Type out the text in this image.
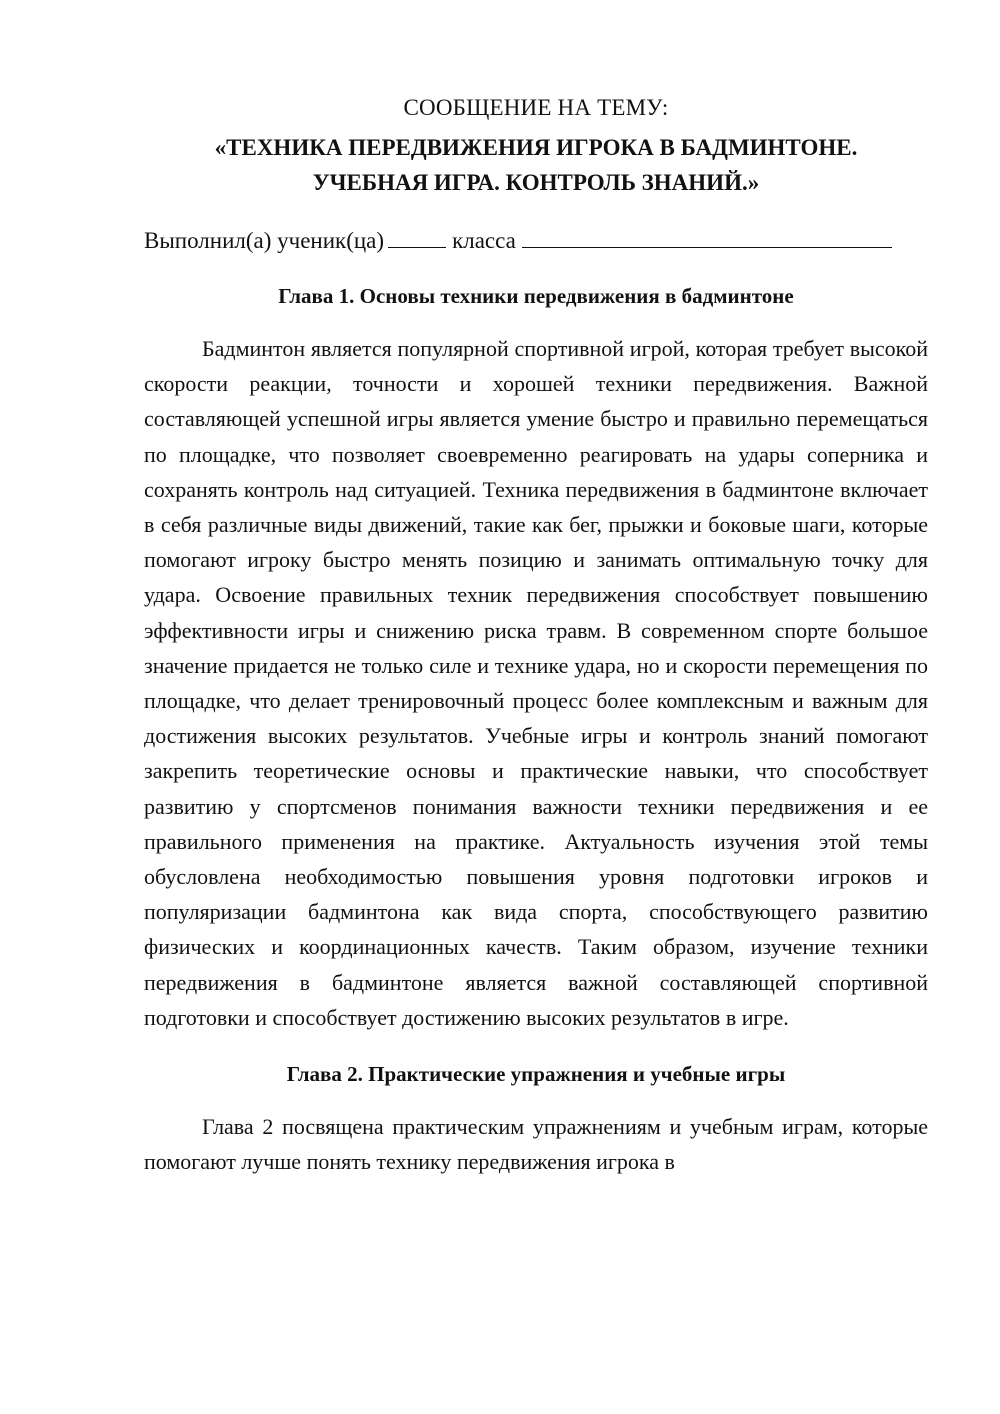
СООБЩЕНИЕ НА ТЕМУ:
«ТЕХНИКА ПЕРЕДВИЖЕНИЯ ИГРОКА В БАДМИНТОНЕ.
УЧЕБНАЯ ИГРА. КОНТРОЛЬ ЗНАНИЙ.»

Выполнил(а) ученик(ца)	класса

Глава 1. Основы техники передвижения в бадминтоне

Бадминтон является популярной спортивной игрой, которая требует высокой скорости реакции, точности и хорошей техники передвижения. Важной составляющей успешной игры является умение быстро и правильно перемещаться по площадке, что позволяет своевременно реагировать на удары соперника и сохранять контроль над ситуацией. Техника передвижения в бадминтоне включает в себя различные виды движений, такие как бег, прыжки и боковые шаги, которые помогают игроку быстро менять позицию и занимать оптимальную точку для удара. Освоение правильных техник передвижения способствует повышению эффективности игры и снижению риска травм. В современном спорте большое значение придается не только силе и технике удара, но и скорости перемещения по площадке, что делает тренировочный процесс более комплексным и важным для достижения высоких результатов. Учебные игры и контроль знаний помогают закрепить теоретические основы и практические навыки, что способствует развитию у спортсменов понимания важности техники передвижения и ее правильного применения на практике. Актуальность изучения этой темы обусловлена необходимостью повышения уровня подготовки игроков и популяризации бадминтона как вида спорта, способствующего развитию физических и координационных качеств. Таким образом, изучение техники передвижения в бадминтоне является важной составляющей спортивной подготовки и способствует достижению высоких результатов в игре.

Глава 2. Практические упражнения и учебные игры

Глава 2 посвящена практическим упражнениям и учебным играм, которые помогают лучше понять технику передвижения игрока в
